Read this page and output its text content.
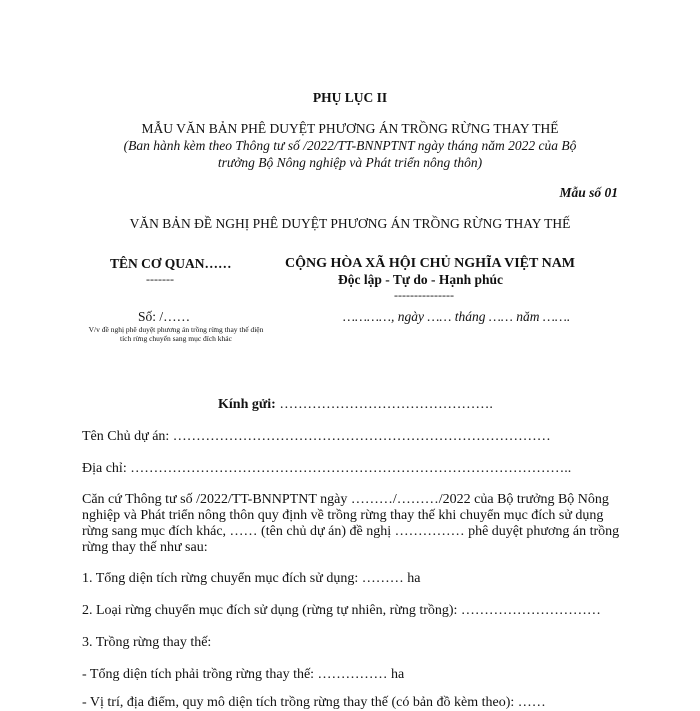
PHỤ LỤC II
MẪU VĂN BẢN PHÊ DUYỆT PHƯƠNG ÁN TRỒNG RỪNG THAY THẾ
(Ban hành kèm theo Thông tư số /2022/TT-BNNPTNT ngày tháng năm 2022 của Bộ
trưởng Bộ Nông nghiệp và Phát triển nông thôn)
Mẫu số 01
VĂN BẢN ĐỀ NGHỊ PHÊ DUYỆT PHƯƠNG ÁN TRỒNG RỪNG THAY THẾ
TÊN CƠ QUAN……
-------
Số: /……
V/v đề nghị phê duyệt phương án trồng rừng thay thế diện tích rừng chuyển sang mục đích khác
CỘNG HÒA XÃ HỘI CHỦ NGHĨA VIỆT NAM
Độc lập - Tự do - Hạnh phúc
---------------
…………, ngày …… tháng …… năm …….
Kính gửi: ……………………………………….
Tên Chủ dự án: ………………………………………………………………………
Địa chỉ: …………………………………………………………………………………..
Căn cứ Thông tư số /2022/TT-BNNPTNT ngày ………/………/2022 của Bộ trưởng Bộ Nông nghiệp và Phát triển nông thôn quy định về trồng rừng thay thế khi chuyển mục đích sử dụng rừng sang mục đích khác, …… (tên chủ dự án) đề nghị …………… phê duyệt phương án trồng rừng thay thế như sau:
1. Tổng diện tích rừng chuyển mục đích sử dụng: ……… ha
2. Loại rừng chuyển mục đích sử dụng (rừng tự nhiên, rừng trồng): …………………………
3. Trồng rừng thay thế:
- Tổng diện tích phải trồng rừng thay thế: …………… ha
- Vị trí, địa điểm, quy mô diện tích trồng rừng thay thế (có bản đồ kèm theo): ……
